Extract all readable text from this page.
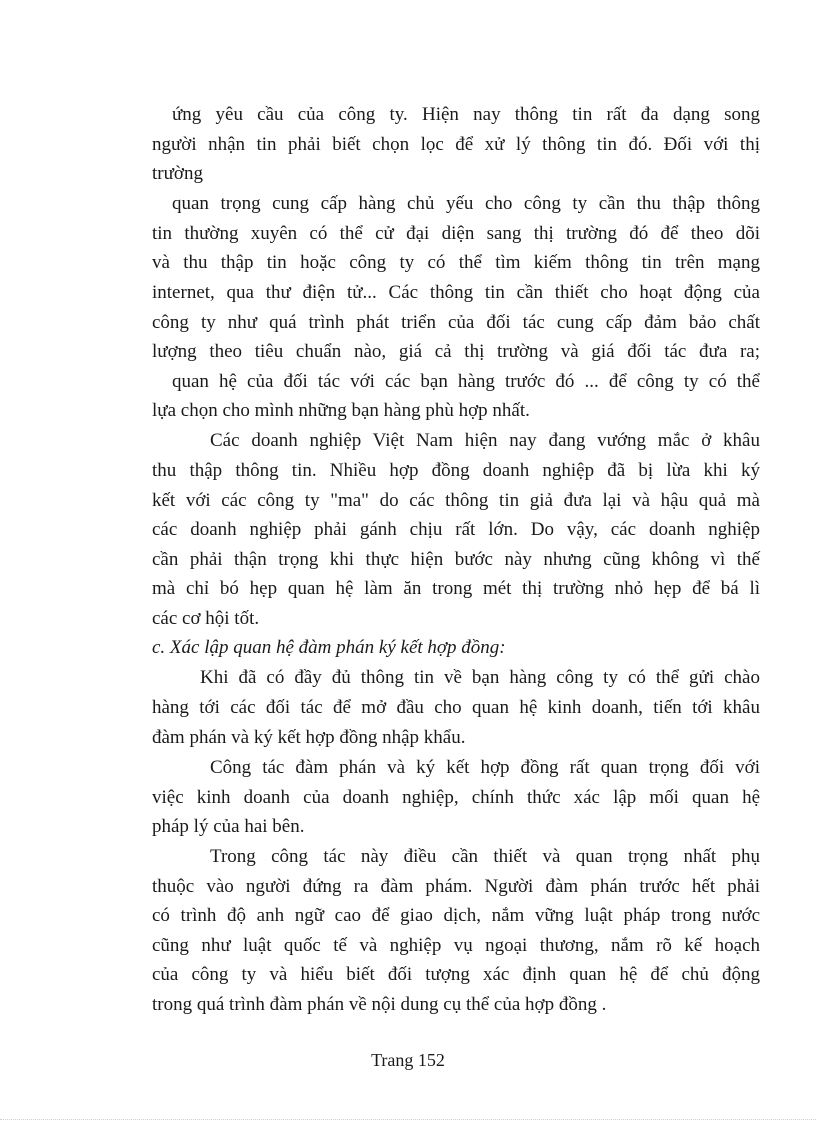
ứng yêu cầu của công ty. Hiện nay thông tin rất đa dạng song
người nhận tin phải biết chọn lọc để xử lý thông tin đó. Đối với thị
trường
quan trọng cung cấp hàng chủ yếu cho công ty cần thu thập thông
tin thường xuyên có thể cử đại diện sang thị trường đó để theo dõi
và thu thập tin hoặc công ty có thể tìm kiếm thông tin trên mạng
internet, qua thư điện tử... Các thông tin cần thiết cho hoạt động của
công ty như quá trình phát triển của đối tác cung cấp đảm bảo chất
lượng theo tiêu chuẩn nào, giá cả thị trường và giá đối tác đưa ra;
quan hệ của đối tác với các bạn hàng trước đó ... để công ty có thể
lựa chọn cho mình những bạn hàng phù hợp nhất.
Các doanh nghiệp Việt Nam hiện nay đang vướng mắc ở khâu
thu thập thông tin. Nhiều hợp đồng doanh nghiệp đã bị lừa khi ký
kết với các công ty "ma" do các thông tin giả đưa lại và hậu quả mà
các doanh nghiệp phải gánh chịu rất lớn. Do vậy, các doanh nghiệp
cần phải thận trọng khi thực hiện bước này nhưng cũng không vì thế
mà chỉ bó hẹp quan hệ làm ăn trong mét thị trường nhỏ hẹp để bá lì
các cơ hội tốt.
c. Xác lập quan hệ đàm phán ký kết hợp đồng:
Khi đã có đầy đủ thông tin về bạn hàng công ty có thể gửi chào
hàng tới các đối tác để mở đầu cho quan hệ kinh doanh, tiến tới khâu
đàm phán và ký kết hợp đồng nhập khẩu.
Công tác đàm phán và ký kết hợp đồng rất quan trọng đối với
việc kinh doanh của doanh nghiệp, chính thức xác lập mối quan hệ
pháp lý của hai bên.
Trong công tác này điều cần thiết và quan trọng nhất phụ
thuộc vào người đứng ra đàm phám. Người đàm phán trước hết phải
có trình độ anh ngữ cao để giao dịch, nắm vững luật pháp trong nước
cũng như luật quốc tế và nghiệp vụ ngoại thương, nắm rõ kế hoạch
của công ty và hiểu biết đối tượng xác định quan hệ để chủ động
trong quá trình đàm phán về nội dung cụ thể của hợp đồng .
Trang 152
